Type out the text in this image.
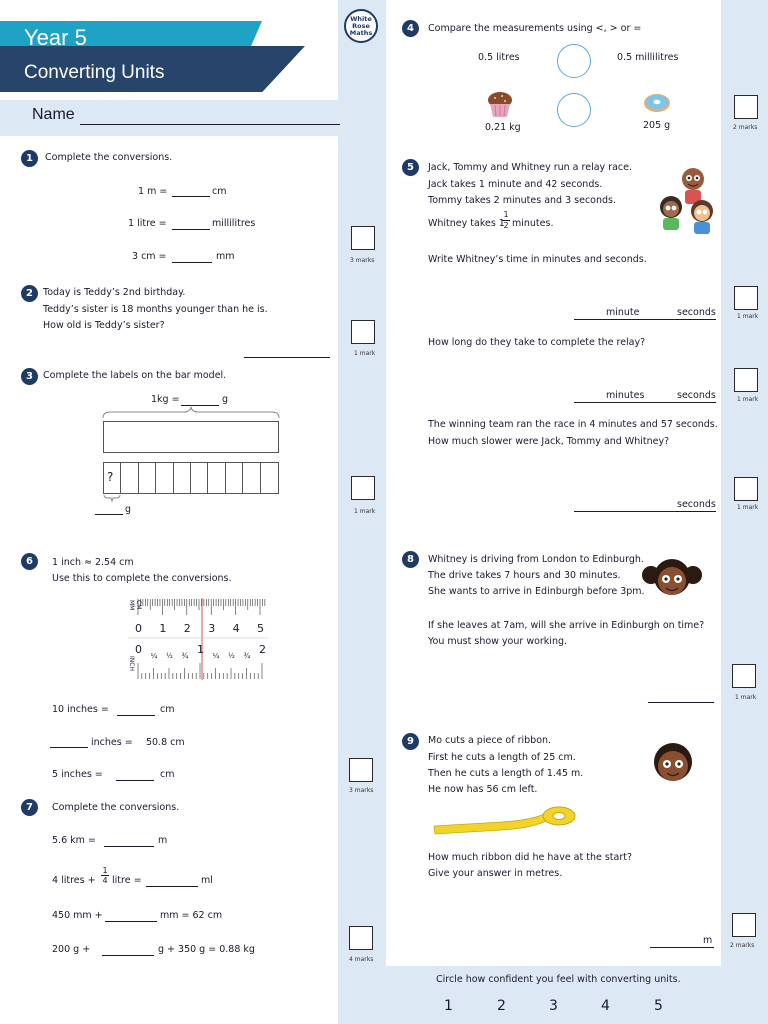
Year 5
Converting Units
Name
White
Rose
Maths
1	Complete the conversions.
1 m =	cm
1 litre =	millilitres
3 cm =	mm	3 marks
2	Today is Teddy’s 2nd birthday.
Teddy’s sister is 18 months younger than he is.
How old is Teddy’s sister?
1 mark
3	Complete the labels on the bar model.
1kg =	g
?
g	1 mark
6	1 inch ≈ 2.54 cm
Use this to complete the conversions.
MM CM
INCH
0 1 2 3 4 5
0 ¼ ½ ¾ 1 ¼ ½ ¾ 2
10 inches =	cm
inches = 50.8 cm
5 inches =	cm
3 marks
7	Complete the conversions.
5.6 km =	m
4 litres + $\frac{1}{4}$ litre =	ml
450 mm +	mm = 62 cm
200 g +	g + 350 g = 0.88 kg
4 marks
4	Compare the measurements using <, > or =
0.5 litres	0.5 millilitres
0.21 kg	205 g	2 marks
5	Jack, Tommy and Whitney run a relay race.
Jack takes 1 minute and 42 seconds.
Tommy takes 2 minutes and 3 seconds.
Whitney takes 1
$\frac{1}{2}$ minutes.
Write Whitney’s time in minutes and seconds.
minute	seconds	1 mark
How long do they take to complete the relay?
minutes	seconds	1 mark
The winning team ran the race in 4 minutes and 57 seconds.
How much slower were Jack, Tommy and Whitney?
seconds	1 mark
8	Whitney is driving from London to Edinburgh.
The drive takes 7 hours and 30 minutes.
She wants to arrive in Edinburgh before 3pm.
If she leaves at 7am, will she arrive in Edinburgh on time?
You must show your working.
1 mark
9	Mo cuts a piece of ribbon.
First he cuts a length of 25 cm.
Then he cuts a length of 1.45 m.
He now has 56 cm left.
How much ribbon did he have at the start?
Give your answer in metres.
m	2 marks
Circle how confident you feel with converting units.
1	2	3	4	5
